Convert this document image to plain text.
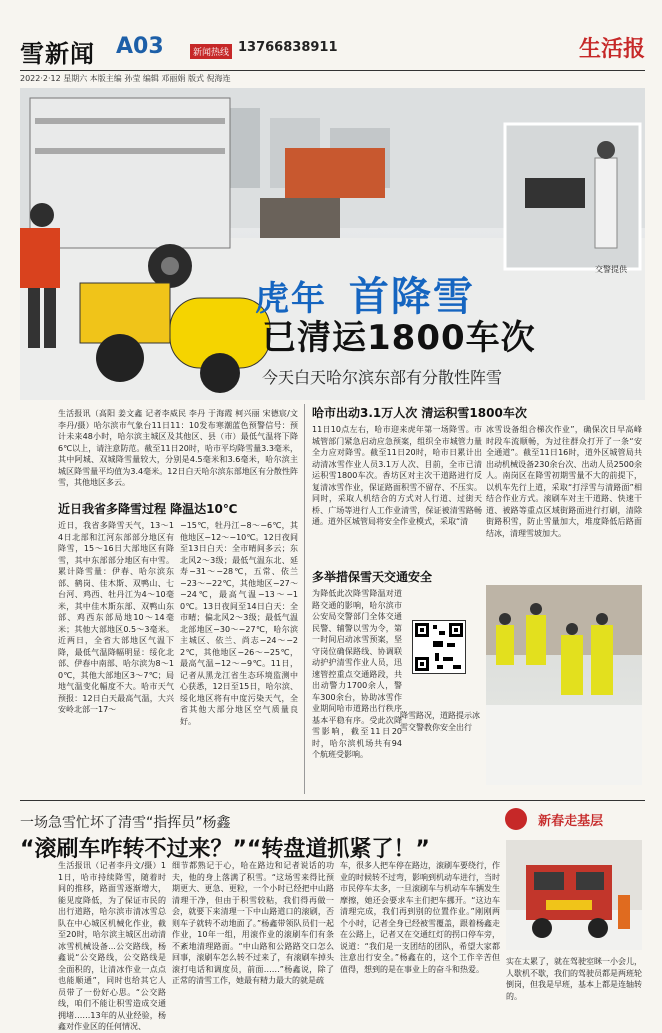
雪新闻 A03	新闻热线 13766838911	生活报
2022·2·12 星期六 本版主编 孙莹 编辑 邓丽娟 版式 倪海连
交警提供
虎年 首降雪
已清运1800车次
今天白天哈尔滨东部有分散性阵雪
生活报讯（高阳 姜文鑫 记者李威民 李丹 于海霞 柯兴丽 宋德宸/文 李丹/摄）哈尔滨市气象台11日11：10发布寒潮蓝色预警信号：预计未来48小时，哈尔滨主城区及其他区、县（市）最低气温将下降6℃以上，请注意防范。截至11日20时，哈市平均降雪量3.3毫米，其中阿城、双城降雪量较大，分别是4.5毫米和3.6毫米，哈尔滨主城区降雪量平均值为3.4毫米。12日白天哈尔滨东部地区有分散性阵雪，其他地区多云。
近日我省多降雪过程 降温达10℃
近日，我省多降雪天气，13～14日北部和江河东部部分地区有降雪，15～16日大部地区有降雪，其中东部部分地区有中雪。累计降雪量：伊春、哈尔滨东部、鹤岗、佳木斯、双鸭山、七台河、鸡西、牡丹江为4～10毫米，其中佳木斯东部、双鸭山东部、鸡西东部局地10～14毫米；其他大部地区0.5～3毫米。近两日，全省大部地区气温下降，最低气温降幅明显：绥化北部、伊春中南部、哈尔滨为8～10℃，其他大部地区3～7℃；局地气温变化幅度不大。哈市天气预报：12日白天最高气温，大兴安岭北部一17～
−15℃，牡丹江−8～−6℃，其他地区−12～−10℃。12日夜间至13日白天：全市晴间多云；东北风2～3级；最低气温东北、延寿−31～−28℃，五常、依兰−23～−22℃，其他地区−27～−24℃，最高气温−13～−10℃。13日夜间至14日白天：全市晴；偏北风2～3级；最低气温北部地区−30～−27℃，哈尔滨主城区、依兰、尚志−24～−22℃，其他地区−26～−25℃，最高气温−12～−9℃。11日，记者从黑龙江省生态环境监测中心获悉，12日至15日，哈尔滨、绥化地区将有中度污染天气，全省其他大部分地区空气质量良好。
哈市出动3.1万人次 清运积雪1800车次
11日10点左右，哈市迎来虎年第一场降雪。市城管部门紧急启动应急预案，组织全市城管力量全力应对降雪。截至11日20时，哈市日累计出动清冰雪作业人员3.1万人次、目前，全市已清运积雪1800车次。香坊区对主次干道路进行反复清冰雪作业，保证路面积雪不留存、不压实。同时，采取人机结合的方式对人行道、过街天桥、广场等进行人工作业清雪，保证被清雪路畅通。道外区城管局将安全作业模式，采取“清
冰雪设备组合梯次作业”，确保次日早高峰时段车流顺畅，为过往群众打开了一条“安全通道”。截至11日16时，道外区城管局共出动机械设备230余台次、出动人员2500余人。南岗区在降雪初期雪量不大的前提下，以机车先行上道，采取“打浮雪与清路面”相结合作业方式。滚刷车对主干道路、快速干道、被路等重点区域街路面进行打刷，清除街路积雪，防止雪量加大，堆度降低后路面结冰，清理雪坡加大。
多举措保雪天交通安全
为降低此次降雪降温对道路交通的影响，哈尔滨市公安局交警部门全体交通民警、辅警以雪为令，第一时间启动冰雪预案，坚守岗位确保路线、协调联动护护清雪作业人员，迅速管控重点交通路段，共出动警力1700余人，警车300余台，协助冰雪作业期间哈市道路出行秩序基本平稳有序。受此次降雪影响，截至11日20时，哈尔滨机场共有94个航班受影响。
降雪路况，道路提示冰雪交警教你安全出行
一场急雪忙坏了清雪“指挥员”杨鑫
“滚刷车咋转不过来？”“转盘道抓紧了！”
新春走基层
生活报讯（记者李丹文/摄）11日，哈市持续降雪，随着时间的推移，路面雪逐渐增大，能见度降低，为了保证市民的出行道路，哈尔滨市清冰雪总队在中心城区机械化作业，截至20时，哈尔滨主城区出动清冰雪机械设备...公交路线，杨鑫说“公交路线，公交路线是全面积的，让清冰作业一点点也能顺通”，同时也给其它人员带了一份好心思。“公交路线，咱们不能让积雪造成交通拥堵……13年的从业经验，杨鑫对作业区的任何情况、
细节都熟记于心，哈在路边和记者说话的功夫，他的身上落满了积雪。“这场雪来得比预期更大、更急、更粒，一个小时已经把中山路清理干净，但由于积雪较粘，我们得再做一会，就要下来清理一下中山路道口的滚刷，否则车子就转不动地面了。”杨鑫带领队员们一起作业，10年一组，用滚作业的滚刷车们有条不紊地清理路面。“中山路和公路路交口怎么回事，滚刷车怎么转不过来了，有滚刷车掉头滚打电话和调度员，前面……”杨鑫说，除了正常的清雪工作，她最有精力最大的就是疏
车，很多人把车停在路边，滚刷车要绕行，作业的时候转不过弯，影响到机动车进行，当时市民停车太多，一旦滚刷车与机动车车辆发生摩擦，她还会要求车主们把车挪开。“这边车清理完成，我们再到别的位置作业。”刚刚两个小时，记者全身已经被雪覆盖，跟着杨鑫走在公路上，记者又在交通红灯的拐口停车旁，说道：“我们是一支团结的团队，希望大家都注意出行安全。”杨鑫在的，这个工作辛苦但值得，想到的是在事业上的奋斗和热爱。
实在太累了，就在驾驶室眯一小会儿，人歇机不歇，我们的驾驶员都是两班轮倒岗，但我是早班，基本上都是连轴转的。
